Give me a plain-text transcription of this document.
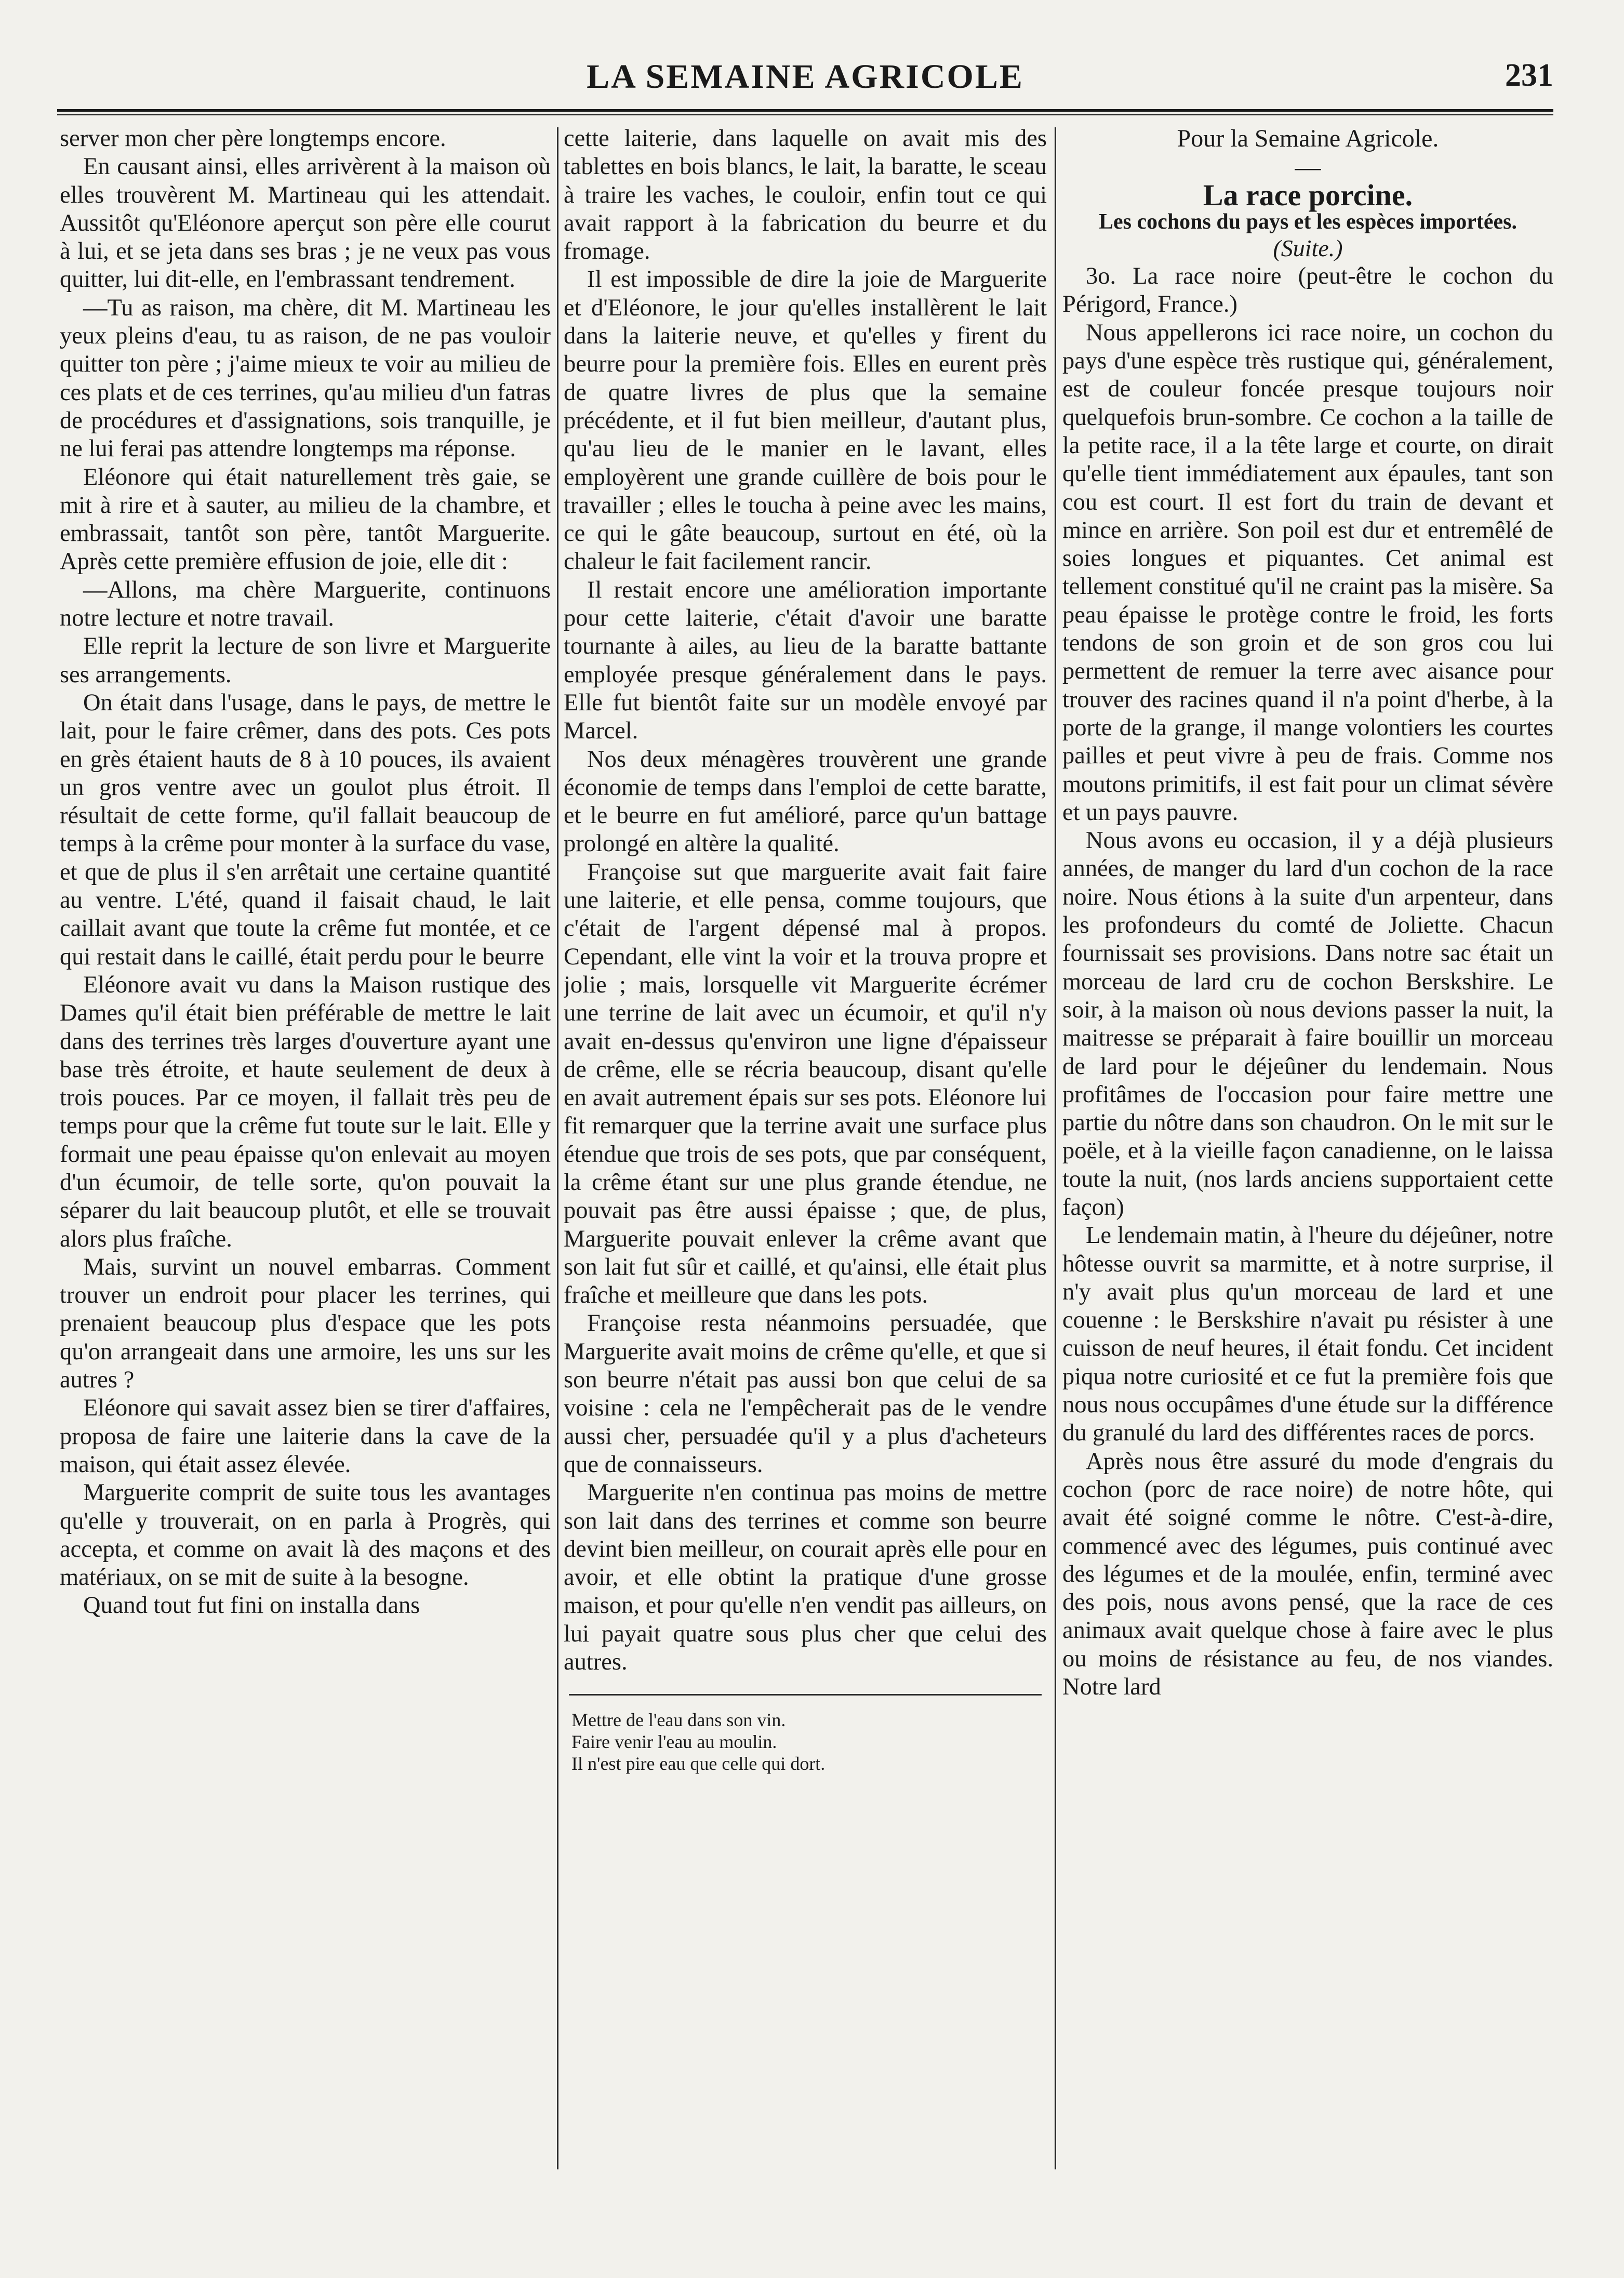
LA SEMAINE AGRICOLE	231

server mon cher père longtemps encore.

En causant ainsi, elles arrivèrent à la maison où elles trouvèrent M. Martineau qui les attendait. Aussitôt qu'Eléonore aperçut son père elle courut à lui, et se jeta dans ses bras ; je ne veux pas vous quitter, lui dit-elle, en l'embrassant tendrement.

—Tu as raison, ma chère, dit M. Martineau les yeux pleins d'eau, tu as raison, de ne pas vouloir quitter ton père ; j'aime mieux te voir au milieu de ces plats et de ces terrines, qu'au milieu d'un fatras de procédures et d'assignations, sois tranquille, je ne lui ferai pas attendre longtemps ma réponse.

Eléonore qui était naturellement très gaie, se mit à rire et à sauter, au milieu de la chambre, et embrassait, tantôt son père, tantôt Marguerite. Après cette première effusion de joie, elle dit :

—Allons, ma chère Marguerite, continuons notre lecture et notre travail.

Elle reprit la lecture de son livre et Marguerite ses arrangements.

On était dans l'usage, dans le pays, de mettre le lait, pour le faire crêmer, dans des pots. Ces pots en grès étaient hauts de 8 à 10 pouces, ils avaient un gros ventre avec un goulot plus étroit. Il résultait de cette forme, qu'il fallait beaucoup de temps à la crême pour monter à la surface du vase, et que de plus il s'en arrêtait une certaine quantité au ventre. L'été, quand il faisait chaud, le lait caillait avant que toute la crême fut montée, et ce qui restait dans le caillé, était perdu pour le beurre

Eléonore avait vu dans la Maison rustique des Dames qu'il était bien préférable de mettre le lait dans des terrines très larges d'ouverture ayant une base très étroite, et haute seulement de deux à trois pouces. Par ce moyen, il fallait très peu de temps pour que la crême fut toute sur le lait. Elle y formait une peau épaisse qu'on enlevait au moyen d'un écumoir, de telle sorte, qu'on pouvait la séparer du lait beaucoup plutôt, et elle se trouvait alors plus fraîche.

Mais, survint un nouvel embarras. Comment trouver un endroit pour placer les terrines, qui prenaient beaucoup plus d'espace que les pots qu'on arrangeait dans une armoire, les uns sur les autres ?

Eléonore qui savait assez bien se tirer d'affaires, proposa de faire une laiterie dans la cave de la maison, qui était assez élevée.

Marguerite comprit de suite tous les avantages qu'elle y trouverait, on en parla à Progrès, qui accepta, et comme on avait là des maçons et des matériaux, on se mit de suite à la besogne.

Quand tout fut fini on installa dans

cette laiterie, dans laquelle on avait mis des tablettes en bois blancs, le lait, la baratte, le sceau à traire les vaches, le couloir, enfin tout ce qui avait rapport à la fabrication du beurre et du fromage.

Il est impossible de dire la joie de Marguerite et d'Eléonore, le jour qu'elles installèrent le lait dans la laiterie neuve, et qu'elles y firent du beurre pour la première fois. Elles en eurent près de quatre livres de plus que la semaine précédente, et il fut bien meilleur, d'autant plus, qu'au lieu de le manier en le lavant, elles employèrent une grande cuillère de bois pour le travailler ; elles le toucha à peine avec les mains, ce qui le gâte beaucoup, surtout en été, où la chaleur le fait facilement rancir.

Il restait encore une amélioration importante pour cette laiterie, c'était d'avoir une baratte tournante à ailes, au lieu de la baratte battante employée presque généralement dans le pays. Elle fut bientôt faite sur un modèle envoyé par Marcel.

Nos deux ménagères trouvèrent une grande économie de temps dans l'emploi de cette baratte, et le beurre en fut amélioré, parce qu'un battage prolongé en altère la qualité.

Françoise sut que marguerite avait fait faire une laiterie, et elle pensa, comme toujours, que c'était de l'argent dépensé mal à propos. Cependant, elle vint la voir et la trouva propre et jolie ; mais, lorsquelle vit Marguerite écrémer une terrine de lait avec un écumoir, et qu'il n'y avait en-dessus qu'environ une ligne d'épaisseur de crême, elle se récria beaucoup, disant qu'elle en avait autrement épais sur ses pots. Eléonore lui fit remarquer que la terrine avait une surface plus étendue que trois de ses pots, que par conséquent, la crême étant sur une plus grande étendue, ne pouvait pas être aussi épaisse ; que, de plus, Marguerite pouvait enlever la crême avant que son lait fut sûr et caillé, et qu'ainsi, elle était plus fraîche et meilleure que dans les pots.

Françoise resta néanmoins persuadée, que Marguerite avait moins de crême qu'elle, et que si son beurre n'était pas aussi bon que celui de sa voisine : cela ne l'empêcherait pas de le vendre aussi cher, persuadée qu'il y a plus d'acheteurs que de connaisseurs.

Marguerite n'en continua pas moins de mettre son lait dans des terrines et comme son beurre devint bien meilleur, on courait après elle pour en avoir, et elle obtint la pratique d'une grosse maison, et pour qu'elle n'en vendit pas ailleurs, on lui payait quatre sous plus cher que celui des autres.

Mettre de l'eau dans son vin.

Faire venir l'eau au moulin.

Il n'est pire eau que celle qui dort.

Pour la Semaine Agricole.

—

La race porcine.

Les cochons du pays et les espèces importées.

(Suite.)

3o. La race noire (peut-être le cochon du Périgord, France.)

Nous appellerons ici race noire, un cochon du pays d'une espèce très rustique qui, généralement, est de couleur foncée presque toujours noir quelquefois brun-sombre. Ce cochon a la taille de la petite race, il a la tête large et courte, on dirait qu'elle tient immédiatement aux épaules, tant son cou est court. Il est fort du train de devant et mince en arrière. Son poil est dur et entremêlé de soies longues et piquantes. Cet animal est tellement constitué qu'il ne craint pas la misère. Sa peau épaisse le protège contre le froid, les forts tendons de son groin et de son gros cou lui permettent de remuer la terre avec aisance pour trouver des racines quand il n'a point d'herbe, à la porte de la grange, il mange volontiers les courtes pailles et peut vivre à peu de frais. Comme nos moutons primitifs, il est fait pour un climat sévère et un pays pauvre.

Nous avons eu occasion, il y a déjà plusieurs années, de manger du lard d'un cochon de la race noire. Nous étions à la suite d'un arpenteur, dans les profondeurs du comté de Joliette. Chacun fournissait ses provisions. Dans notre sac était un morceau de lard cru de cochon Berskshire. Le soir, à la maison où nous devions passer la nuit, la maitresse se préparait à faire bouillir un morceau de lard pour le déjeûner du lendemain. Nous profitâmes de l'occasion pour faire mettre une partie du nôtre dans son chaudron. On le mit sur le poële, et à la vieille façon canadienne, on le laissa toute la nuit, (nos lards anciens supportaient cette façon)

Le lendemain matin, à l'heure du déjeûner, notre hôtesse ouvrit sa marmitte, et à notre surprise, il n'y avait plus qu'un morceau de lard et une couenne : le Berskshire n'avait pu résister à une cuisson de neuf heures, il était fondu. Cet incident piqua notre curiosité et ce fut la première fois que nous nous occupâmes d'une étude sur la différence du granulé du lard des différentes races de porcs.

Après nous être assuré du mode d'engrais du cochon (porc de race noire) de notre hôte, qui avait été soigné comme le nôtre. C'est-à-dire, commencé avec des légumes, puis continué avec des légumes et de la moulée, enfin, terminé avec des pois, nous avons pensé, que la race de ces animaux avait quelque chose à faire avec le plus ou moins de résistance au feu, de nos viandes. Notre lard
